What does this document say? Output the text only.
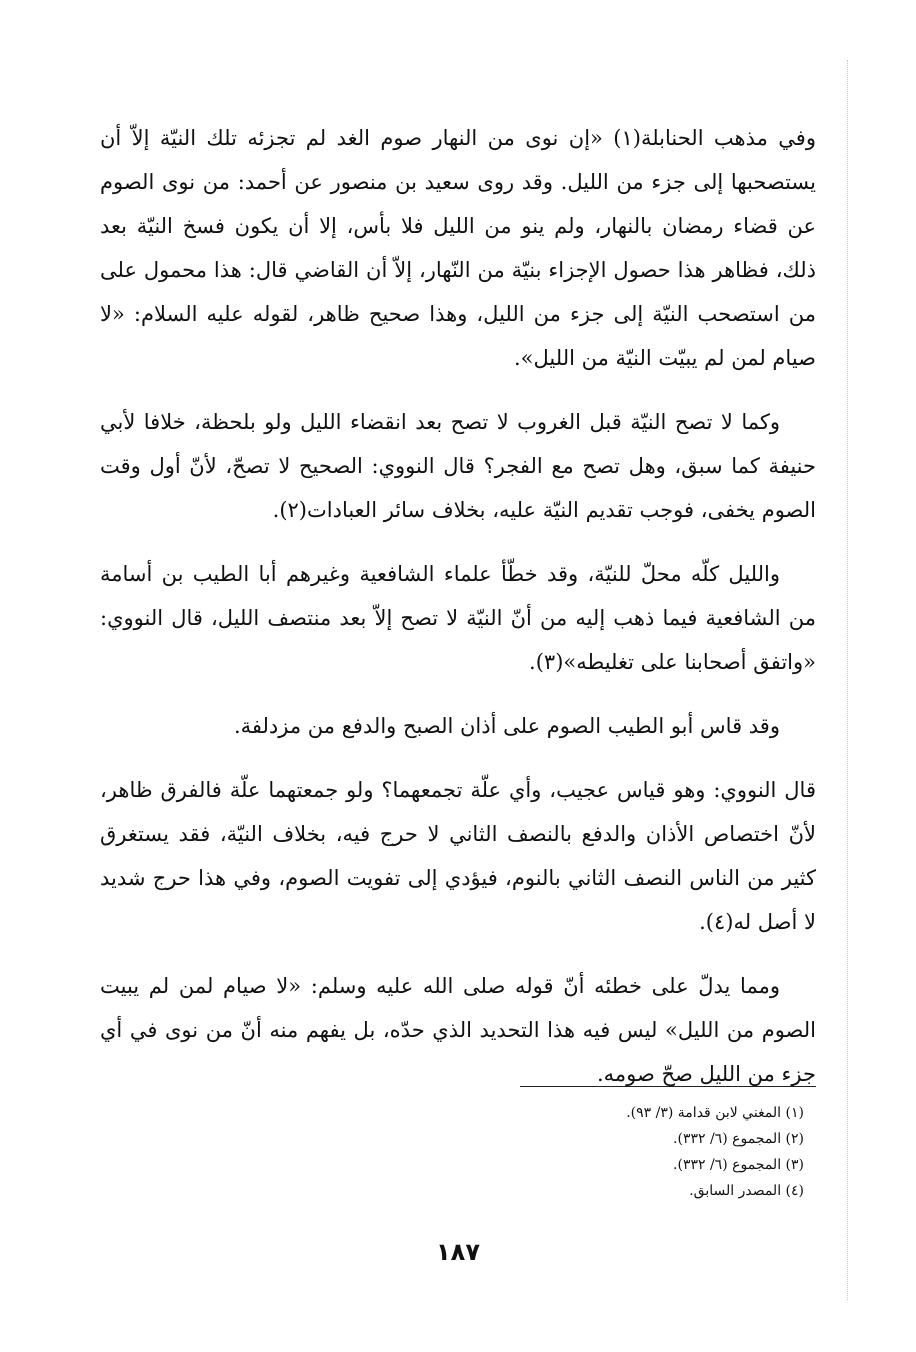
وفي مذهب الحنابلة(١) «إن نوى من النهار صوم الغد لم تجزئه تلك النيّة إلاّ أن يستصحبها إلى جزء من الليل. وقد روى سعيد بن منصور عن أحمد: من نوى الصوم عن قضاء رمضان بالنهار، ولم ينو من الليل فلا بأس، إلا أن يكون فسخ النيّة بعد ذلك، فظاهر هذا حصول الإجزاء بنيّة من النّهار، إلاّ أن القاضي قال: هذا محمول على من استصحب النيّة إلى جزء من الليل، وهذا صحيح ظاهر، لقوله عليه السلام: «لا صيام لمن لم يبيّت النيّة من الليل».

وكما لا تصح النيّة قبل الغروب لا تصح بعد انقضاء الليل ولو بلحظة، خلافا لأبي حنيفة كما سبق، وهل تصح مع الفجر؟ قال النووي: الصحيح لا تصحّ، لأنّ أول وقت الصوم يخفى، فوجب تقديم النيّة عليه، بخلاف سائر العبادات(٢).

والليل كلّه محلّ للنيّة، وقد خطّأ علماء الشافعية وغيرهم أبا الطيب بن أسامة من الشافعية فيما ذهب إليه من أنّ النيّة لا تصح إلاّ بعد منتصف الليل، قال النووي: «واتفق أصحابنا على تغليطه»(٣).

وقد قاس أبو الطيب الصوم على أذان الصبح والدفع من مزدلفة.

قال النووي: وهو قياس عجيب، وأي علّة تجمعهما؟ ولو جمعتهما علّة فالفرق ظاهر، لأنّ اختصاص الأذان والدفع بالنصف الثاني لا حرج فيه، بخلاف النيّة، فقد يستغرق كثير من الناس النصف الثاني بالنوم، فيؤدي إلى تفويت الصوم، وفي هذا حرج شديد لا أصل له(٤).

ومما يدلّ على خطئه أنّ قوله صلى الله عليه وسلم: «لا صيام لمن لم يبيت الصوم من الليل» ليس فيه هذا التحديد الذي حدّه، بل يفهم منه أنّ من نوى في أي جزء من الليل صحّ صومه.

(١) المغني لابن قدامة (٣/ ٩٣).
(٢) المجموع (٦/ ٣٣٢).
(٣) المجموع (٦/ ٣٣٢).
(٤) المصدر السابق.
١٨٧
